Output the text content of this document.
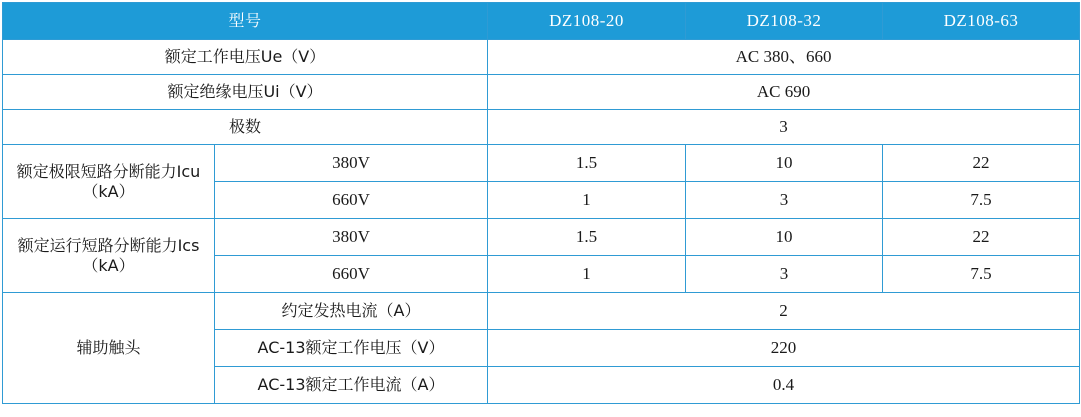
型号		DZ108-20	DZ108-32	DZ108-63
额定工作电压Ue（V）		AC 380、660		
额定绝缘电压Ui（V）		AC 690		
极数		3		
额定极限短路分断能力Icu（kA）	380V	1.5	10	22
	660V	1	3	7.5
额定运行短路分断能力Ics（kA）	380V	1.5	10	22
	660V	1	3	7.5
辅助触头	约定发热电流（A）	2		
	AC-13额定工作电压（V）	220		
	AC-13额定工作电流（A）	0.4		
